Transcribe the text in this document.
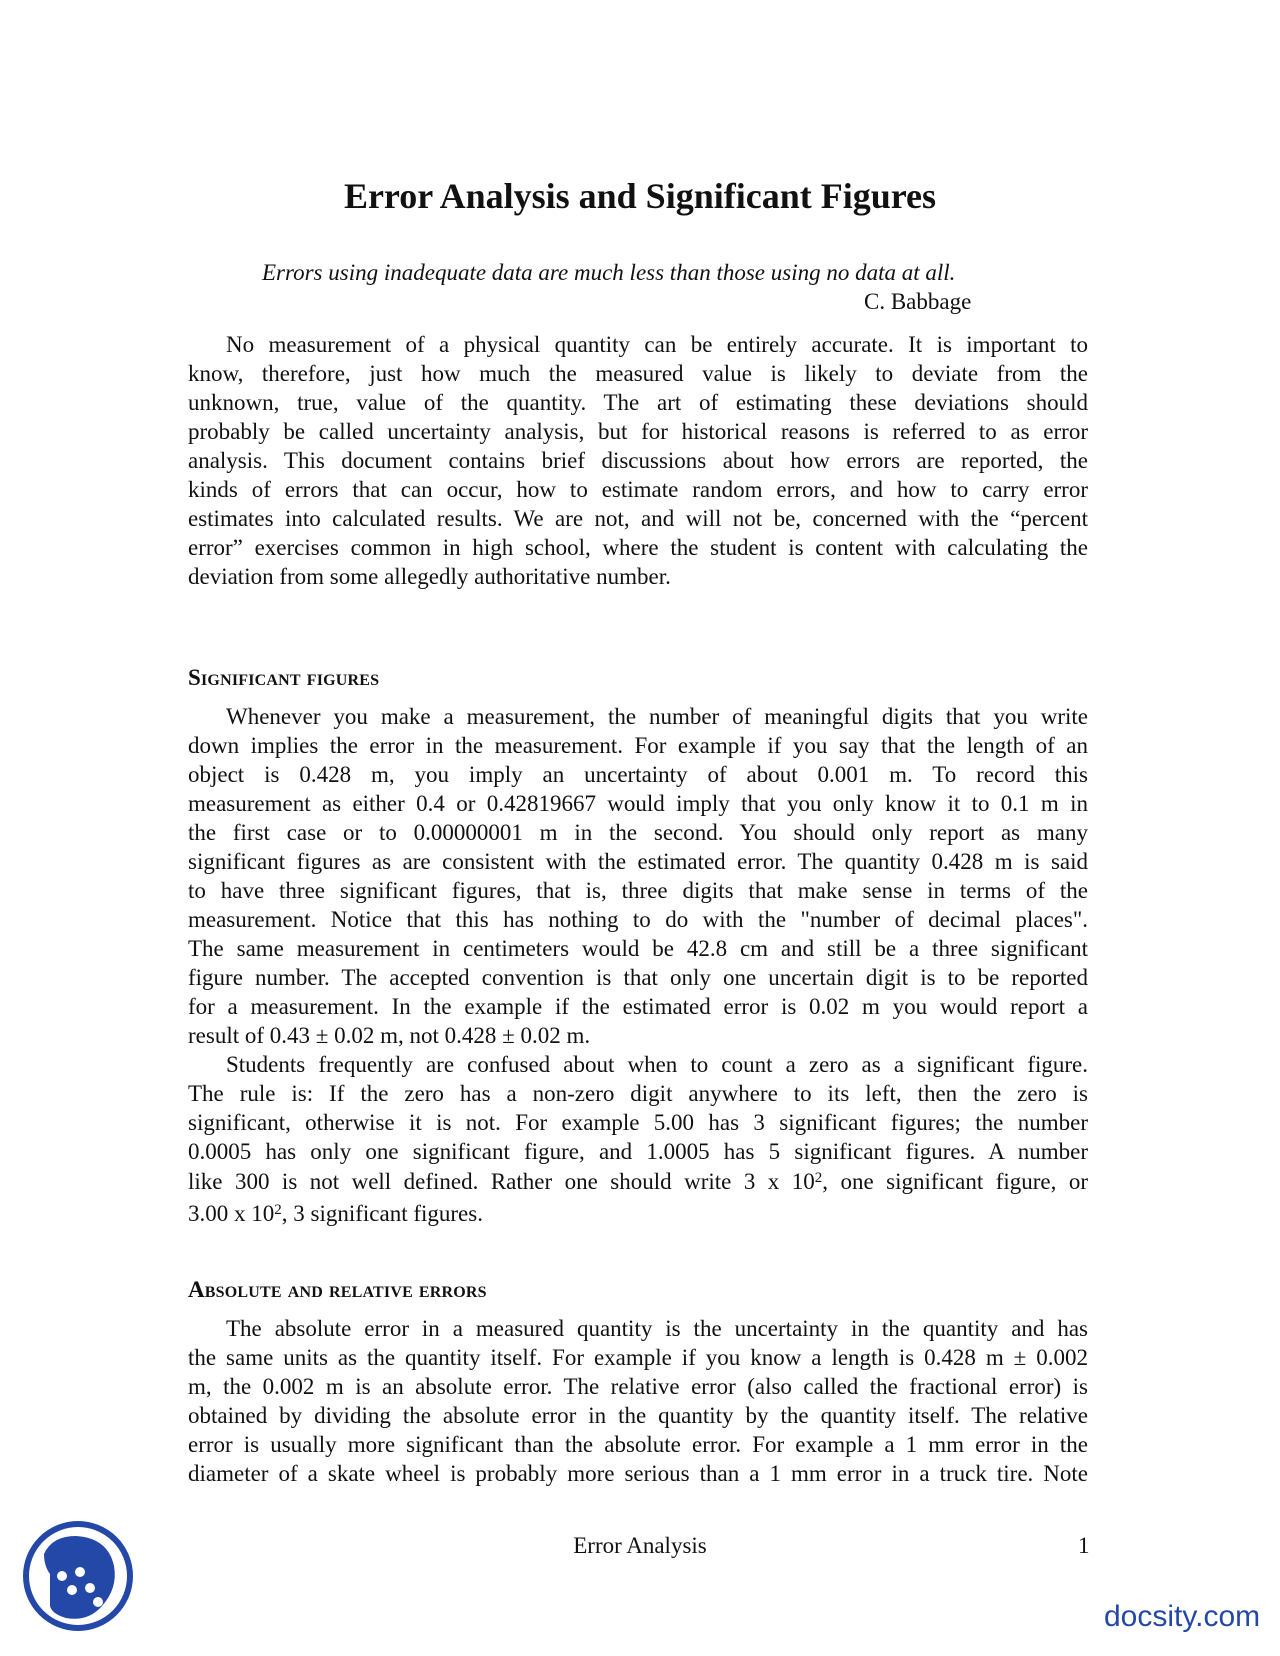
Error Analysis and Significant Figures
Errors using inadequate data are much less than those using no data at all.
C. Babbage
No measurement of a physical quantity can be entirely accurate. It is important to
know, therefore, just how much the measured value is likely to deviate from the
unknown, true, value of the quantity. The art of estimating these deviations should
probably be called uncertainty analysis, but for historical reasons is referred to as error
analysis. This document contains brief discussions about how errors are reported, the
kinds of errors that can occur, how to estimate random errors, and how to carry error
estimates into calculated results. We are not, and will not be, concerned with the “percent
error” exercises common in high school, where the student is content with calculating the
deviation from some allegedly authoritative number.
Significant figures
Whenever you make a measurement, the number of meaningful digits that you write
down implies the error in the measurement. For example if you say that the length of an
object is 0.428 m, you imply an uncertainty of about 0.001 m. To record this
measurement as either 0.4 or 0.42819667 would imply that you only know it to 0.1 m in
the first case or to 0.00000001 m in the second. You should only report as many
significant figures as are consistent with the estimated error. The quantity 0.428 m is said
to have three significant figures, that is, three digits that make sense in terms of the
measurement. Notice that this has nothing to do with the "number of decimal places".
The same measurement in centimeters would be 42.8 cm and still be a three significant
figure number. The accepted convention is that only one uncertain digit is to be reported
for a measurement. In the example if the estimated error is 0.02 m you would report a
result of 0.43 ± 0.02 m, not 0.428 ± 0.02 m.
Students frequently are confused about when to count a zero as a significant figure.
The rule is: If the zero has a non-zero digit anywhere to its left, then the zero is
significant, otherwise it is not. For example 5.00 has 3 significant figures; the number
0.0005 has only one significant figure, and 1.0005 has 5 significant figures. A number
like 300 is not well defined. Rather one should write 3 x $10^2$, one significant figure, or
3.00 x $10^2$, 3 significant figures.
Absolute and relative errors
The absolute error in a measured quantity is the uncertainty in the quantity and has
the same units as the quantity itself. For example if you know a length is 0.428 m ± 0.002
m, the 0.002 m is an absolute error. The relative error (also called the fractional error) is
obtained by dividing the absolute error in the quantity by the quantity itself. The relative
error is usually more significant than the absolute error. For example a 1 mm error in the
diameter of a skate wheel is probably more serious than a 1 mm error in a truck tire. Note
Error Analysis	1
docsity.com
